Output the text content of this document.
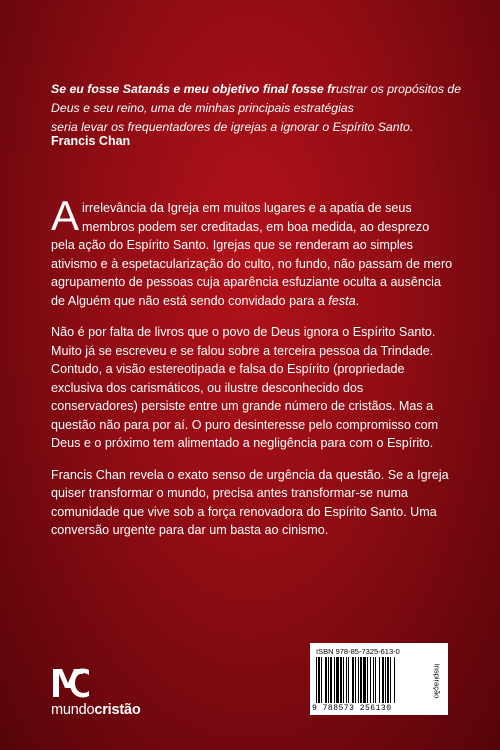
Se eu fosse Satanás e meu objetivo final fosse frustrar os propósitos de
Deus e seu reino, uma de minhas principais estratégias
seria levar os frequentadores de igrejas a ignorar o Espírito Santo.
Francis Chan
A irrelevância da Igreja em muitos lugares e a apatia de seus
membros podem ser creditadas, em boa medida, ao desprezo
pela ação do Espírito Santo. Igrejas que se renderam ao simples
ativismo e à espetacularização do culto, no fundo, não passam de mero
agrupamento de pessoas cuja aparência esfuziante oculta a ausência
de Alguém que não está sendo convidado para a festa.
Não é por falta de livros que o povo de Deus ignora o Espírito Santo.
Muito já se escreveu e se falou sobre a terceira pessoa da Trindade.
Contudo, a visão estereotipada e falsa do Espírito (propriedade
exclusiva dos carismáticos, ou ilustre desconhecido dos
conservadores) persiste entre um grande número de cristãos. Mas a
questão não para por aí. O puro desinteresse pelo compromisso com
Deus e o próximo tem alimentado a negligência para com o Espírito.
Francis Chan revela o exato senso de urgência da questão. Se a Igreja
quiser transformar o mundo, precisa antes transformar-se numa
comunidade que vive sob a força renovadora do Espírito Santo. Uma
conversão urgente para dar um basta ao cinismo.
mundocristão
ISBN 978-85-7325-613-0
9 788573 256130
Inspiração
